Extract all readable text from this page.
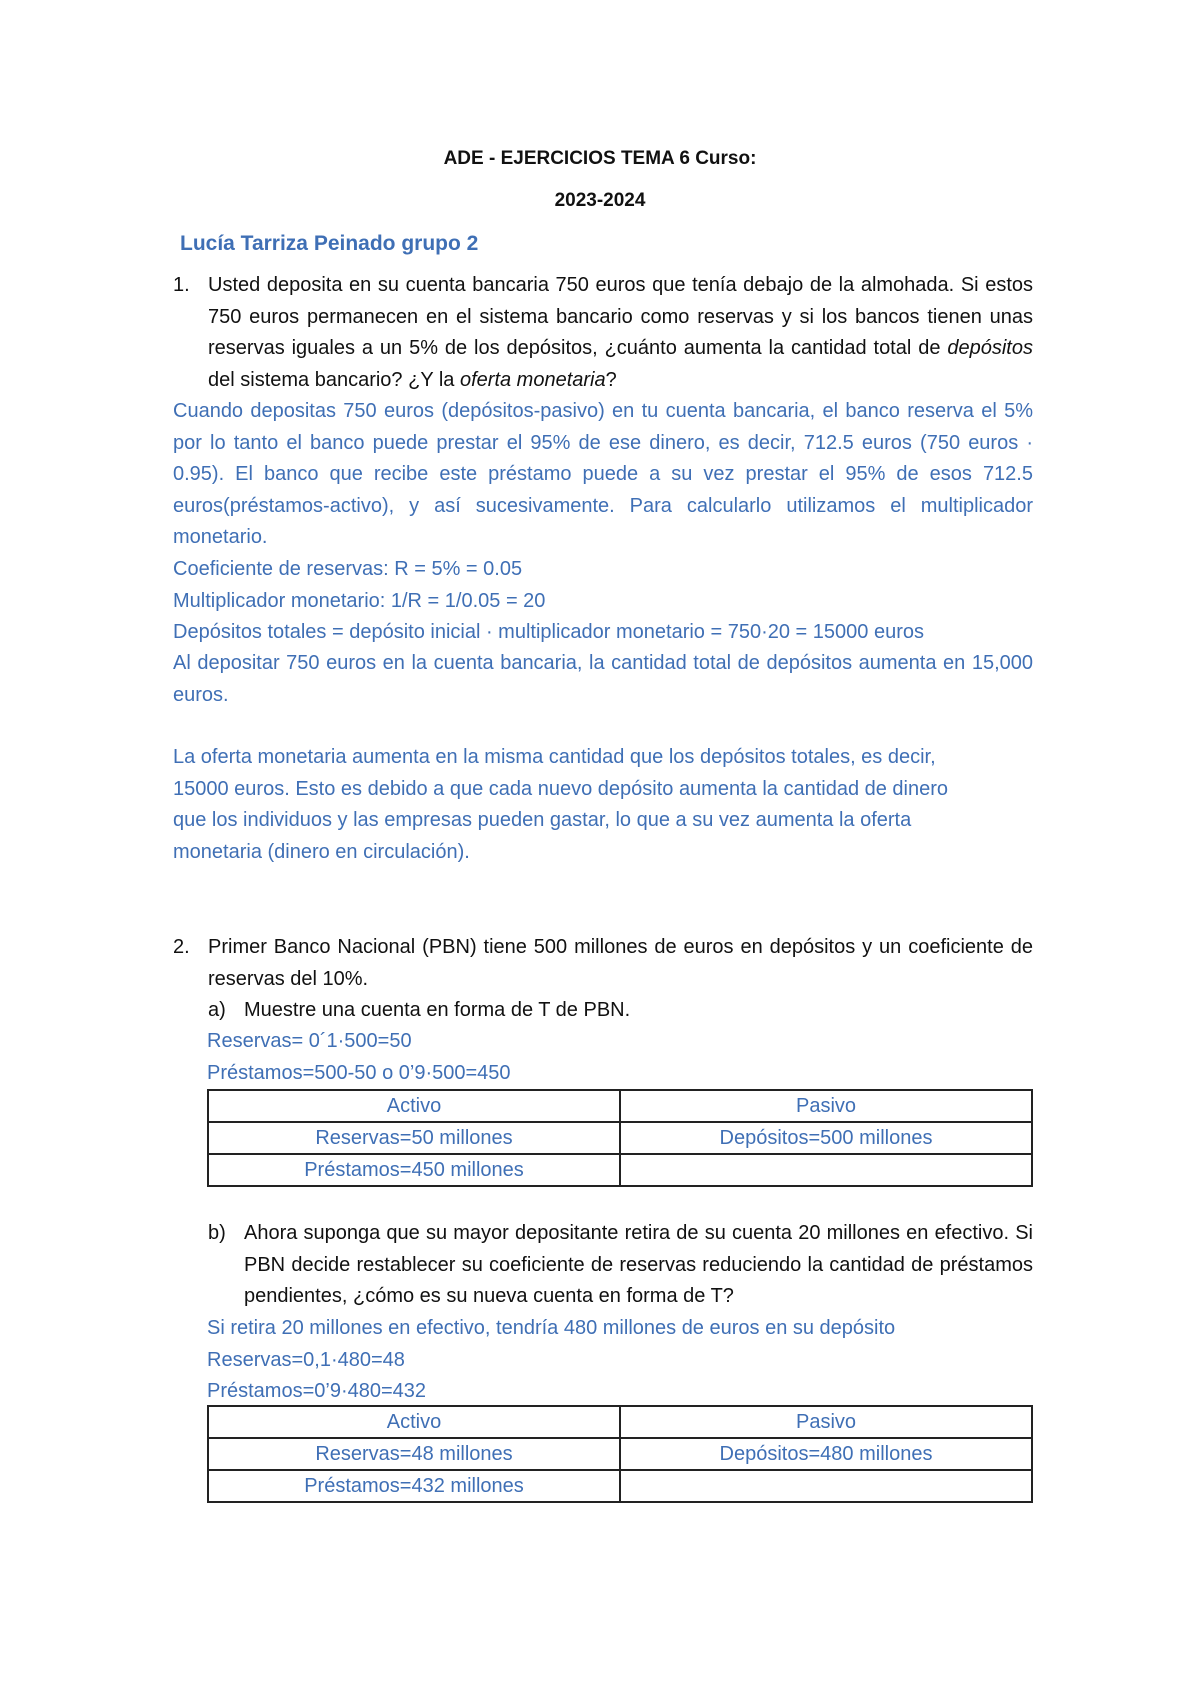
ADE - EJERCICIOS TEMA 6 Curso:
2023-2024
Lucía Tarriza Peinado grupo 2
1. Usted deposita en su cuenta bancaria 750 euros que tenía debajo de la almohada. Si estos 750 euros permanecen en el sistema bancario como reservas y si los bancos tienen unas reservas iguales a un 5% de los depósitos, ¿cuánto aumenta la cantidad total de depósitos del sistema bancario? ¿Y la oferta monetaria?

Cuando depositas 750 euros (depósitos-pasivo) en tu cuenta bancaria, el banco reserva el 5% por lo tanto el banco puede prestar el 95% de ese dinero, es decir, 712.5 euros (750 euros · 0.95). El banco que recibe este préstamo puede a su vez prestar el 95% de esos 712.5 euros(préstamos-activo), y así sucesivamente. Para calcularlo utilizamos el multiplicador monetario.

Coeficiente de reservas: R = 5% = 0.05

Multiplicador monetario: 1/R = 1/0.05 = 20

Depósitos totales = depósito inicial · multiplicador monetario = 750·20 = 15000 euros

Al depositar 750 euros en la cuenta bancaria, la cantidad total de depósitos aumenta en 15,000 euros.

La oferta monetaria aumenta en la misma cantidad que los depósitos totales, es decir,

15000 euros. Esto es debido a que cada nuevo depósito aumenta la cantidad de dinero

que los individuos y las empresas pueden gastar, lo que a su vez aumenta la oferta

monetaria (dinero en circulación).

2. Primer Banco Nacional (PBN) tiene 500 millones de euros en depósitos y un coeficiente de reservas del 10%.

a) Muestre una cuenta en forma de T de PBN.

Reservas= 0´1·500=50

Préstamos=500-50 o 0’9·500=450

Activo	Pasivo
Reservas=50 millones	Depósitos=500 millones
Préstamos=450 millones	
b) Ahora suponga que su mayor depositante retira de su cuenta 20 millones en efectivo. Si PBN decide restablecer su coeficiente de reservas reduciendo la cantidad de préstamos pendientes, ¿cómo es su nueva cuenta en forma de T?

Si retira 20 millones en efectivo, tendría 480 millones de euros en su depósito

Reservas=0,1·480=48

Préstamos=0’9·480=432

Activo	Pasivo
Reservas=48 millones	Depósitos=480 millones
Préstamos=432 millones	
